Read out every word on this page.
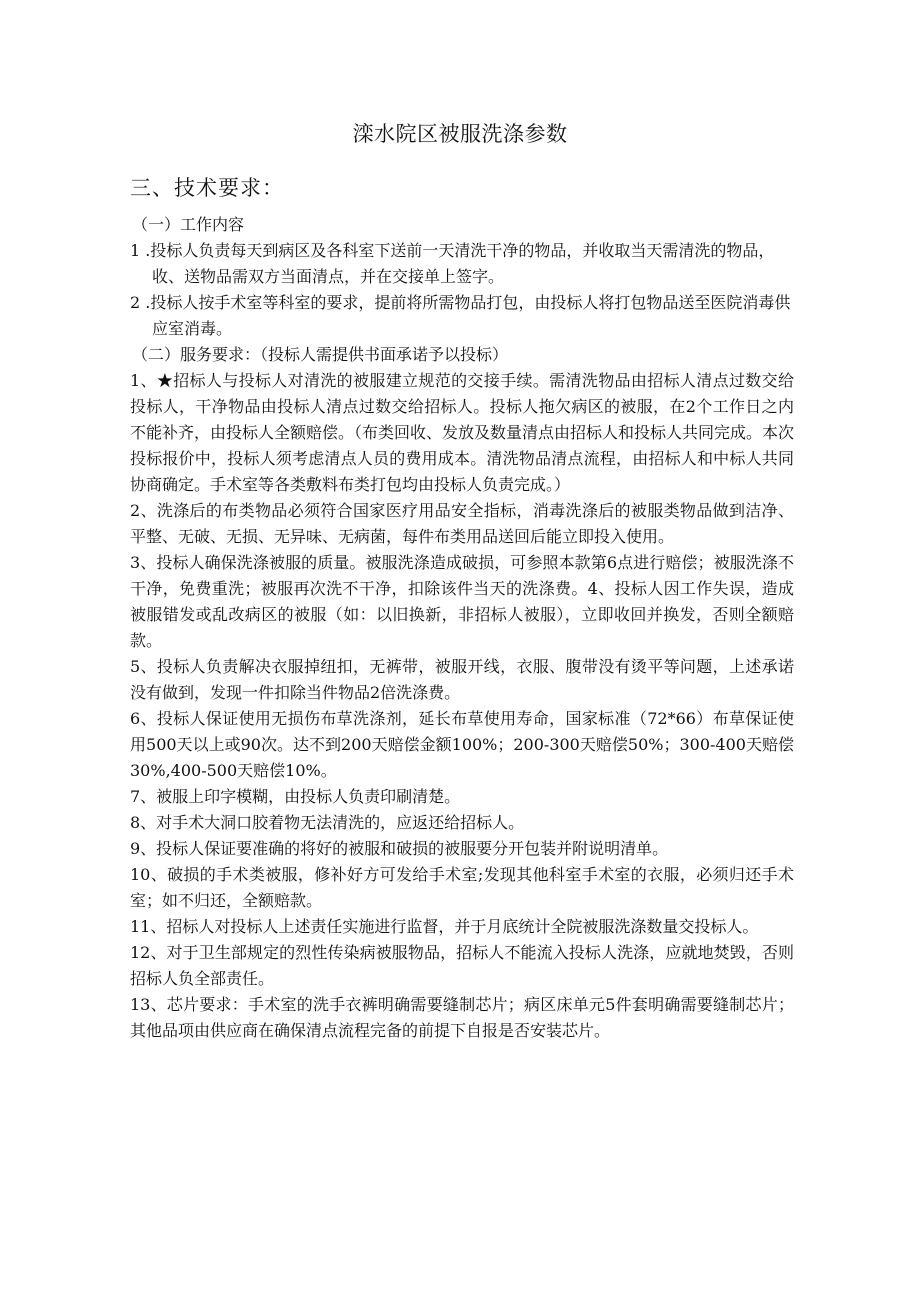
滦水院区被服洗涤参数
三、技术要求：

（一）工作内容

1 .投标人负责每天到病区及各科室下送前一天清洗干净的物品，并收取当天需清洗的物品，收、送物品需双方当面清点，并在交接单上签字。

2 .投标人按手术室等科室的要求，提前将所需物品打包，由投标人将打包物品送至医院消毒供应室消毒。

（二）服务要求：（投标人需提供书面承诺予以投标）

1、★招标人与投标人对清洗的被服建立规范的交接手续。需清洗物品由招标人清点过数交给投标人，干净物品由投标人清点过数交给招标人。投标人拖欠病区的被服，在2个工作日之内不能补齐，由投标人全额赔偿。（布类回收、发放及数量清点由招标人和投标人共同完成。本次投标报价中，投标人须考虑清点人员的费用成本。清洗物品清点流程，由招标人和中标人共同协商确定。手术室等各类敷料布类打包均由投标人负责完成。）

2、洗涤后的布类物品必须符合国家医疗用品安全指标，消毒洗涤后的被服类物品做到洁净、平整、无破、无损、无异味、无病菌，每件布类用品送回后能立即投入使用。

3、投标人确保洗涤被服的质量。被服洗涤造成破损，可参照本款第6点进行赔偿；被服洗涤不干净，免费重洗；被服再次洗不干净，扣除该件当天的洗涤费。4、投标人因工作失误，造成被服错发或乱改病区的被服（如：以旧换新，非招标人被服），立即收回并换发，否则全额赔款。

5、投标人负责解决衣服掉纽扣，无裤带，被服开线，衣服、腹带没有烫平等问题，上述承诺没有做到，发现一件扣除当件物品2倍洗涤费。

6、投标人保证使用无损伤布草洗涤剂，延长布草使用寿命，国家标准（72*66）布草保证使用500天以上或90次。达不到200天赔偿金额100%；200-300天赔偿50%；300-400天赔偿30%,400-500天赔偿10%。

7、被服上印字模糊，由投标人负责印刷清楚。

8、对手术大洞口胶着物无法清洗的，应返还给招标人。

9、投标人保证要准确的将好的被服和破损的被服要分开包装并附说明清单。

10、破损的手术类被服，修补好方可发给手术室;发现其他科室手术室的衣服，必须归还手术室；如不归还，全额赔款。

11、招标人对投标人上述责任实施进行监督，并于月底统计全院被服洗涤数量交投标人。

12、对于卫生部规定的烈性传染病被服物品，招标人不能流入投标人洗涤，应就地焚毁，否则招标人负全部责任。

13、芯片要求：手术室的洗手衣裤明确需要缝制芯片；病区床单元5件套明确需要缝制芯片；其他品项由供应商在确保清点流程完备的前提下自报是否安装芯片。
